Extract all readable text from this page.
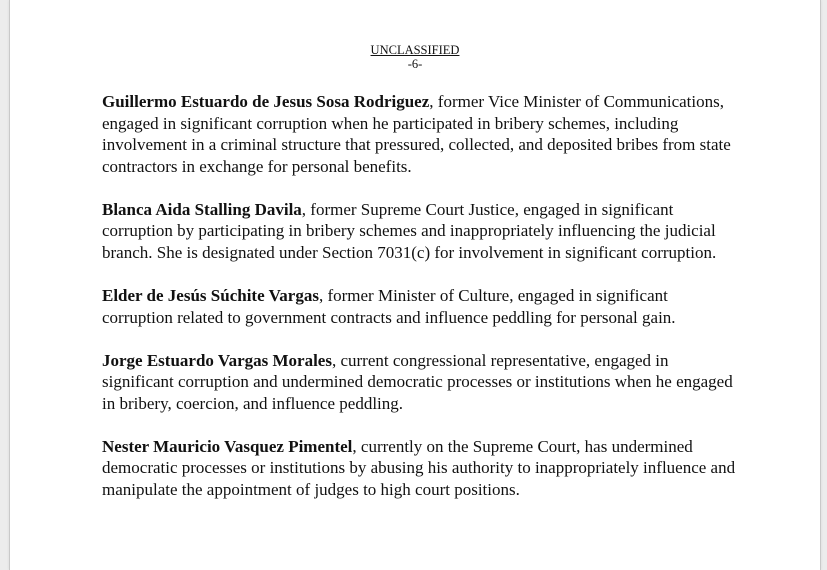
UNCLASSIFIED
-6-

Guillermo Estuardo de Jesus Sosa Rodriguez, former Vice Minister of Communications, engaged in significant corruption when he participated in bribery schemes, including involvement in a criminal structure that pressured, collected, and deposited bribes from state contractors in exchange for personal benefits.

Blanca Aida Stalling Davila, former Supreme Court Justice, engaged in significant corruption by participating in bribery schemes and inappropriately influencing the judicial branch. She is designated under Section 7031(c) for involvement in significant corruption.

Elder de Jesús Súchite Vargas, former Minister of Culture, engaged in significant corruption related to government contracts and influence peddling for personal gain.

Jorge Estuardo Vargas Morales, current congressional representative, engaged in significant corruption and undermined democratic processes or institutions when he engaged in bribery, coercion, and influence peddling.

Nester Mauricio Vasquez Pimentel, currently on the Supreme Court, has undermined democratic processes or institutions by abusing his authority to inappropriately influence and manipulate the appointment of judges to high court positions.
